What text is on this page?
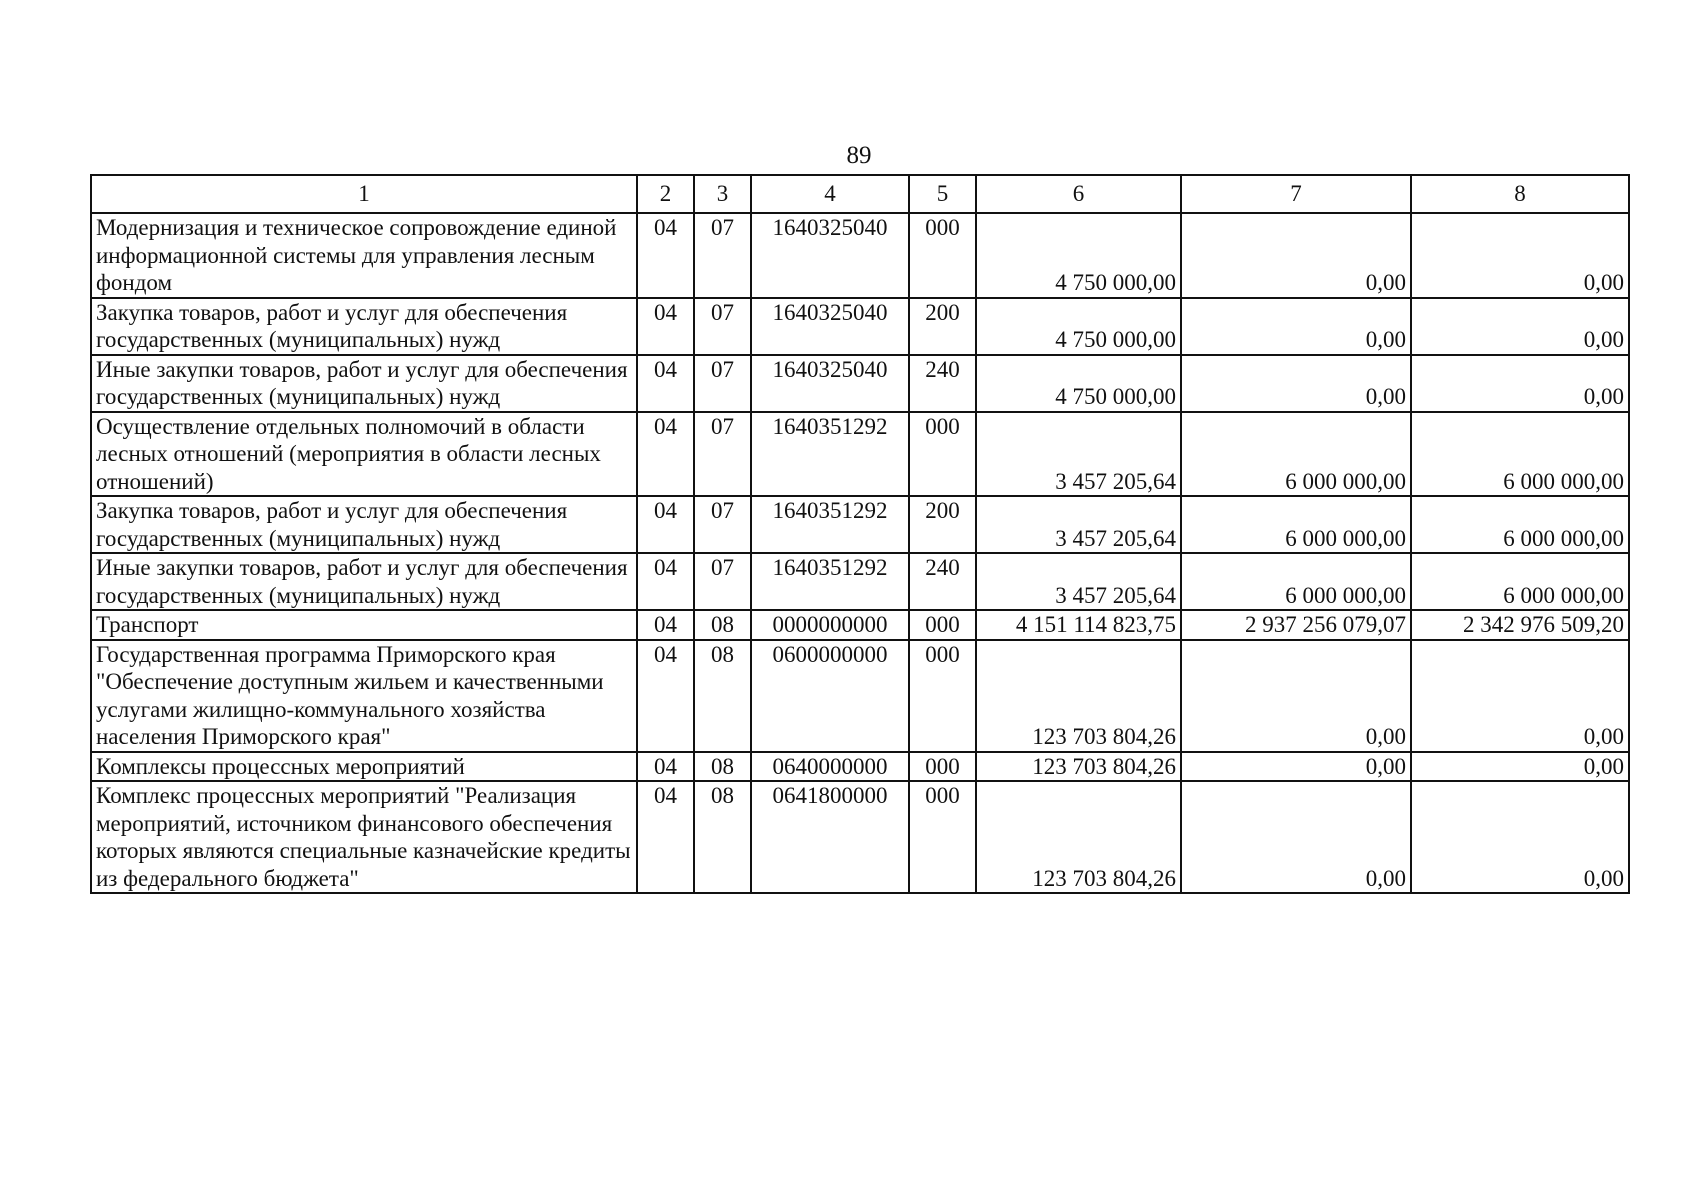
89
1	2	3	4	5	6	7	8
Модернизация и техническое сопровождение единой информационной системы для управления лесным фондом	04	07	1640325040	000	4 750 000,00	0,00	0,00
Закупка товаров, работ и услуг для обеспечения государственных (муниципальных) нужд	04	07	1640325040	200	4 750 000,00	0,00	0,00
Иные закупки товаров, работ и услуг для обеспечения государственных (муниципальных) нужд	04	07	1640325040	240	4 750 000,00	0,00	0,00
Осуществление отдельных полномочий в области лесных отношений (мероприятия в области лесных отношений)	04	07	1640351292	000	3 457 205,64	6 000 000,00	6 000 000,00
Закупка товаров, работ и услуг для обеспечения государственных (муниципальных) нужд	04	07	1640351292	200	3 457 205,64	6 000 000,00	6 000 000,00
Иные закупки товаров, работ и услуг для обеспечения государственных (муниципальных) нужд	04	07	1640351292	240	3 457 205,64	6 000 000,00	6 000 000,00
Транспорт	04	08	0000000000	000	4 151 114 823,75	2 937 256 079,07	2 342 976 509,20
Государственная программа Приморского края "Обеспечение доступным жильем и качественными услугами жилищно-коммунального хозяйства населения Приморского края"	04	08	0600000000	000	123 703 804,26	0,00	0,00
Комплексы процессных мероприятий	04	08	0640000000	000	123 703 804,26	0,00	0,00
Комплекс процессных мероприятий "Реализация мероприятий, источником финансового обеспечения которых являются специальные казначейские кредиты из федерального бюджета"	04	08	0641800000	000	123 703 804,26	0,00	0,00
